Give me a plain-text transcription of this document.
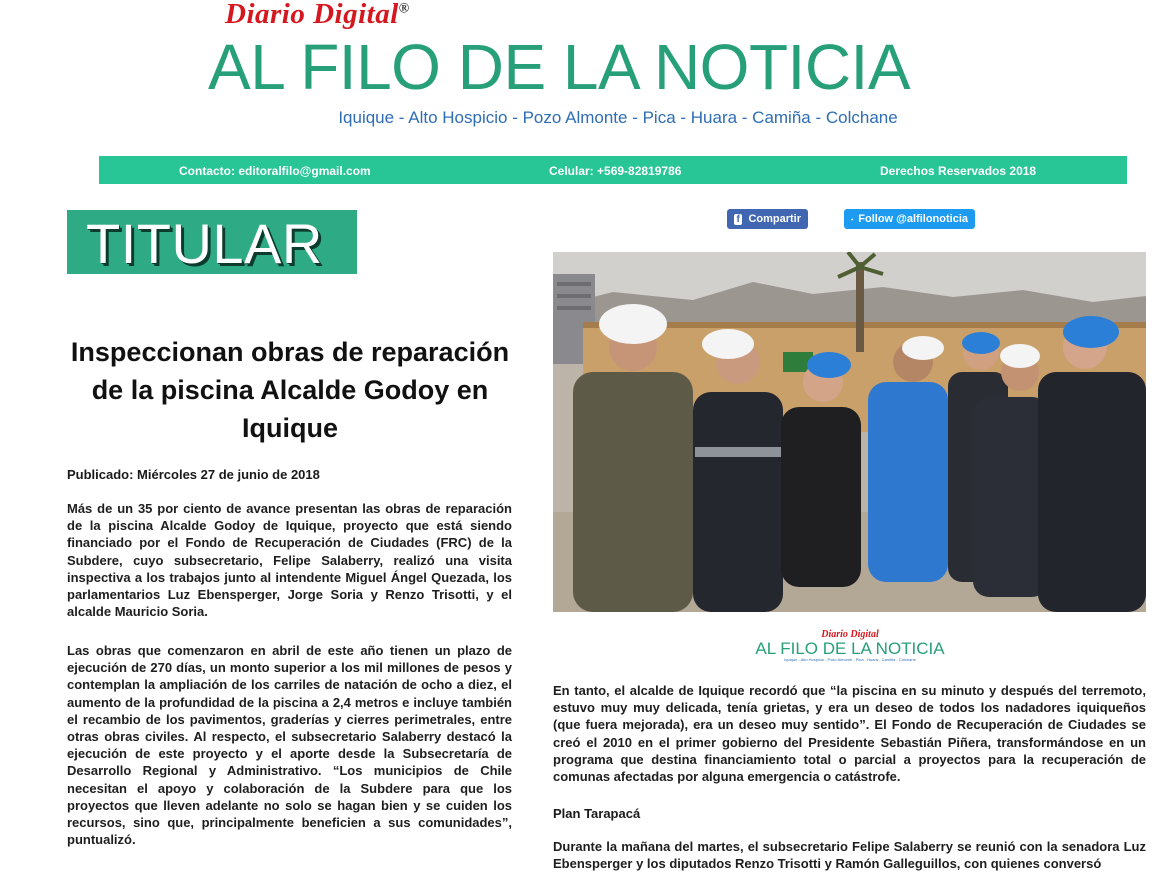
Diario Digital®
AL FILO DE LA NOTICIA
Iquique - Alto Hospicio - Pozo Almonte - Pica - Huara - Camiña - Colchane
Contacto: editoralfilo@gmail.com	Celular: +569-82819786	Derechos Reservados 2018
TITULAR	f Compartir	Follow @alfilonoticia
Inspeccionan obras de reparación de la piscina Alcalde Godoy en Iquique
Publicado: Miércoles 27 de junio de 2018
Más de un 35 por ciento de avance presentan las obras de reparación de la piscina Alcalde Godoy de Iquique, proyecto que está siendo financiado por el Fondo de Recuperación de Ciudades (FRC) de la Subdere, cuyo subsecretario, Felipe Salaberry, realizó una visita inspectiva a los trabajos junto al intendente Miguel Ángel Quezada, los parlamentarios Luz Ebensperger, Jorge Soria y Renzo Trisotti, y el alcalde Mauricio Soria.
Las obras que comenzaron en abril de este año tienen un plazo de ejecución de 270 días, un monto superior a los mil millones de pesos y contemplan la ampliación de los carriles de natación de ocho a diez, el aumento de la profundidad de la piscina a 2,4 metros e incluye también el recambio de los pavimentos, graderías y cierres perimetrales, entre otras obras civiles. Al respecto, el subsecretario Salaberry destacó la ejecución de este proyecto y el aporte desde la Subsecretaría de Desarrollo Regional y Administrativo. “Los municipios de Chile necesitan el apoyo y colaboración de la Subdere para que los proyectos que lleven adelante no solo se hagan bien y se cuiden los recursos, sino que, principalmente beneficien a sus comunidades”, puntualizó.
Diario Digital
AL FILO DE LA NOTICIA
Iquique - Alto Hospicio - Pozo Almonte - Pica - Huara - Camiña - Colchane
En tanto, el alcalde de Iquique recordó que “la piscina en su minuto y después del terremoto, estuvo muy muy delicada, tenía grietas, y era un deseo de todos los nadadores iquiqueños (que fuera mejorada), era un deseo muy sentido”. El Fondo de Recuperación de Ciudades se creó el 2010 en el primer gobierno del Presidente Sebastián Piñera, transformándose en un programa que destina financiamiento total o parcial a proyectos para la recuperación de comunas afectadas por alguna emergencia o catástrofe.
Plan Tarapacá
Durante la mañana del martes, el subsecretario Felipe Salaberry se reunió con la senadora Luz Ebensperger y los diputados Renzo Trisotti y Ramón Galleguillos, con quienes conversó
